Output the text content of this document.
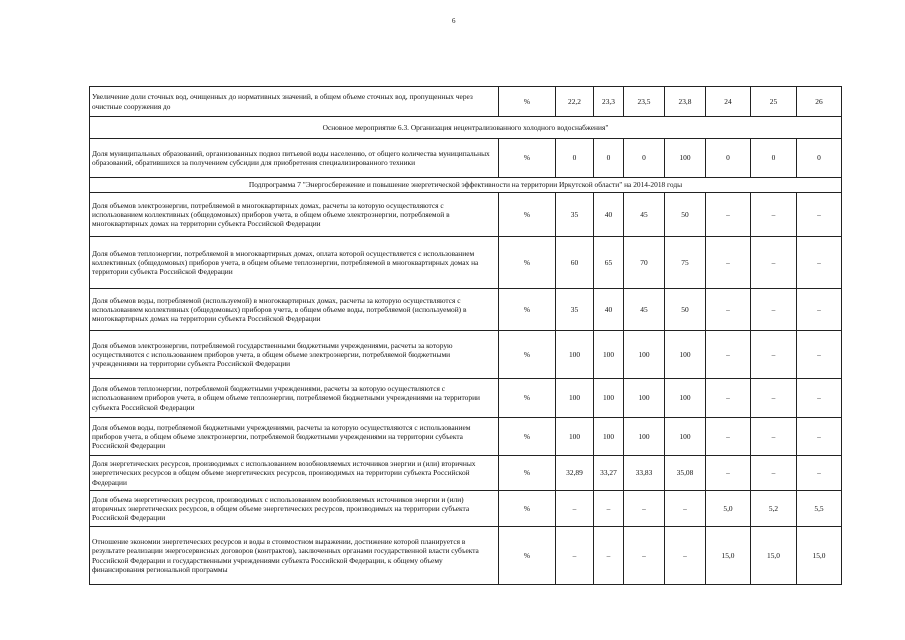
6
Увеличение доли сточных вод, очищенных до нормативных значений, в общем объеме сточных вод, пропущенных через очистные сооружения до	%	22,2	23,3	23,5	23,8	24	25	26
Основное мероприятие 6.3. Организация нецентрализованного холодного водоснабжения"								
Доля муниципальных образований, организованных подвоз питьевой воды населению, от общего количества муниципальных образований, обратившихся за получением субсидии для приобретения специализированного техники	%	0	0	0	100	0	0	0
Подпрограмма 7 "Энергосбережение и повышение энергетической эффективности на территории Иркутской области" на 2014-2018 годы								
Доля объемов электроэнергии, потребляемой в многоквартирных домах, расчеты за которую осуществляются с использованием коллективных (общедомовых) приборов учета, в общем объеме электроэнергии, потребляемой в многоквартирных домах на территории субъекта Российской Федерации	%	35	40	45	50	–	–	–
Доля объемов теплоэнергии, потребляемой в многоквартирных домах, оплата которой осуществляется с использованием коллективных (общедомовых) приборов учета, в общем объеме теплоэнергии, потребляемой в многоквартирных домах на территории субъекта Российской Федерации	%	60	65	70	75	–	–	–
Доля объемов воды, потребляемой (используемой) в многоквартирных домах, расчеты за которую осуществляются с использованием коллективных (общедомовых) приборов учета, в общем объеме воды, потребляемой (используемой) в многоквартирных домах на территории субъекта Российской Федерации	%	35	40	45	50	–	–	–
Доля объемов электроэнергии, потребляемой государственными бюджетными учреждениями, расчеты за которую осуществляются с использованием приборов учета, в общем объеме электроэнергии, потребляемой бюджетными учреждениями на территории субъекта Российской Федерации	%	100	100	100	100	–	–	–
Доля объемов теплоэнергии, потребляемой бюджетными учреждениями, расчеты за которую осуществляются с использованием приборов учета, в общем объеме теплоэнергии, потребляемой бюджетными учреждениями на территории субъекта Российской Федерации	%	100	100	100	100	–	–	–
Доля объемов воды, потребляемой бюджетными учреждениями, расчеты за которую осуществляются с использованием приборов учета, в общем объеме электроэнергии, потребляемой бюджетными учреждениями на территории субъекта Российской Федерации	%	100	100	100	100	–	–	–
Доля энергетических ресурсов, производимых с использованием возобновляемых источников энергии и (или) вторичных энергетических ресурсов в общем объеме энергетических ресурсов, производимых на территории субъекта Российской Федерации	%	32,89	33,27	33,83	35,08	–	–	–
Доля объема энергетических ресурсов, производимых с использованием возобновляемых источников энергии и (или) вторичных энергетических ресурсов, в общем объеме энергетических ресурсов, производимых на территории субъекта Российской Федерации	%	–	–	–	–	5,0	5,2	5,5
Отношение экономии энергетических ресурсов и воды в стоимостном выражении, достижение которой планируется в результате реализации энергосервисных договоров (контрактов), заключенных органами государственной власти субъекта Российской Федерации и государственными учреждениями субъекта Российской Федерации, к общему объему финансирования региональной программы	%	–	–	–	–	15,0	15,0	15,0
